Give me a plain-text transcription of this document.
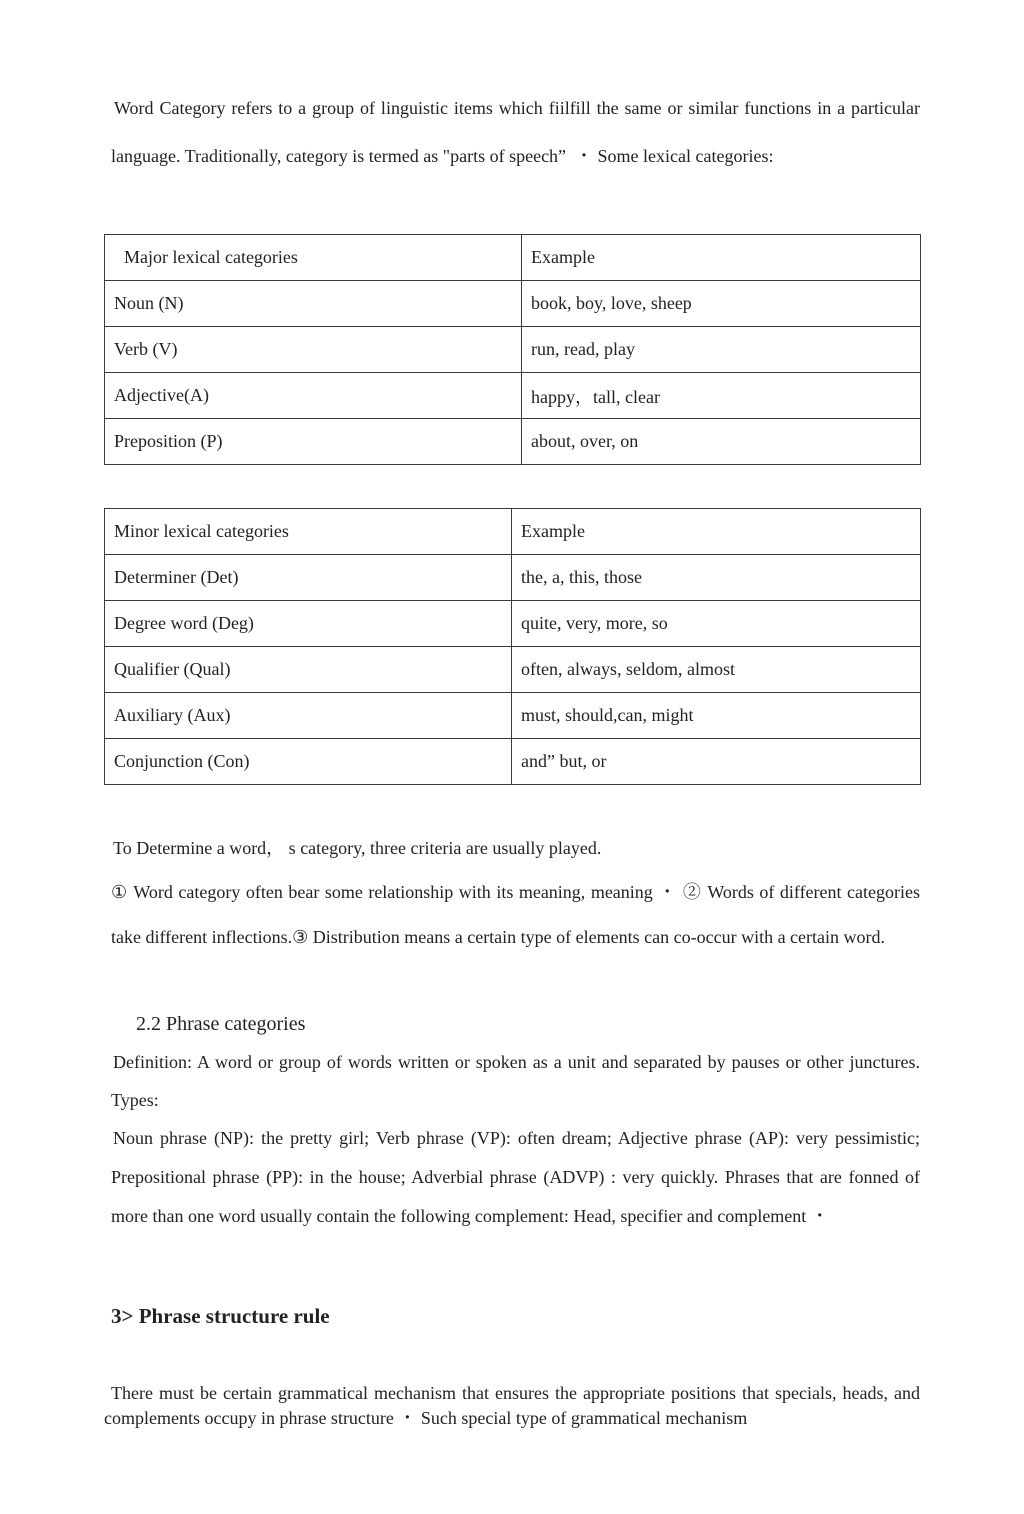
Word Category refers to a group of linguistic items which fiilfill the same or similar functions in a particular language. Traditionally, category is termed as "parts of speech”  ・ Some lexical categories:

Major lexical categories	Example
Noun (N)	book, boy, love, sheep
Verb (V)	run, read, play
Adjective(A)	happy，tall, clear
Preposition (P)	about, over, on
Minor lexical categories	Example
Determiner (Det)	the, a, this, those
Degree word (Deg)	quite, very, more, so
Qualifier (Qual)	often, always, seldom, almost
Auxiliary (Aux)	must, should,can, might
Conjunction (Con)	and” but, or

To Determine a word， s category, three criteria are usually played.

① Word category often bear some relationship with its meaning, meaning ・ ② Words of different categories take different inflections.③ Distribution means a certain type of elements can co-occur with a certain word.

2.2 Phrase categories

Definition: A word or group of words written or spoken as a unit and separated by pauses or other junctures. Types:

Noun phrase (NP): the pretty girl; Verb phrase (VP): often dream; Adjective phrase (AP): very pessimistic; Prepositional phrase (PP): in the house; Adverbial phrase (ADVP) : very quickly. Phrases that are fonned of more than one word usually contain the following complement: Head, specifier and complement ・

3> Phrase structure rule

There must be certain grammatical mechanism that ensures the appropriate positions that specials, heads, and complements occupy in phrase structure ・ Such special type of grammatical mechanism
